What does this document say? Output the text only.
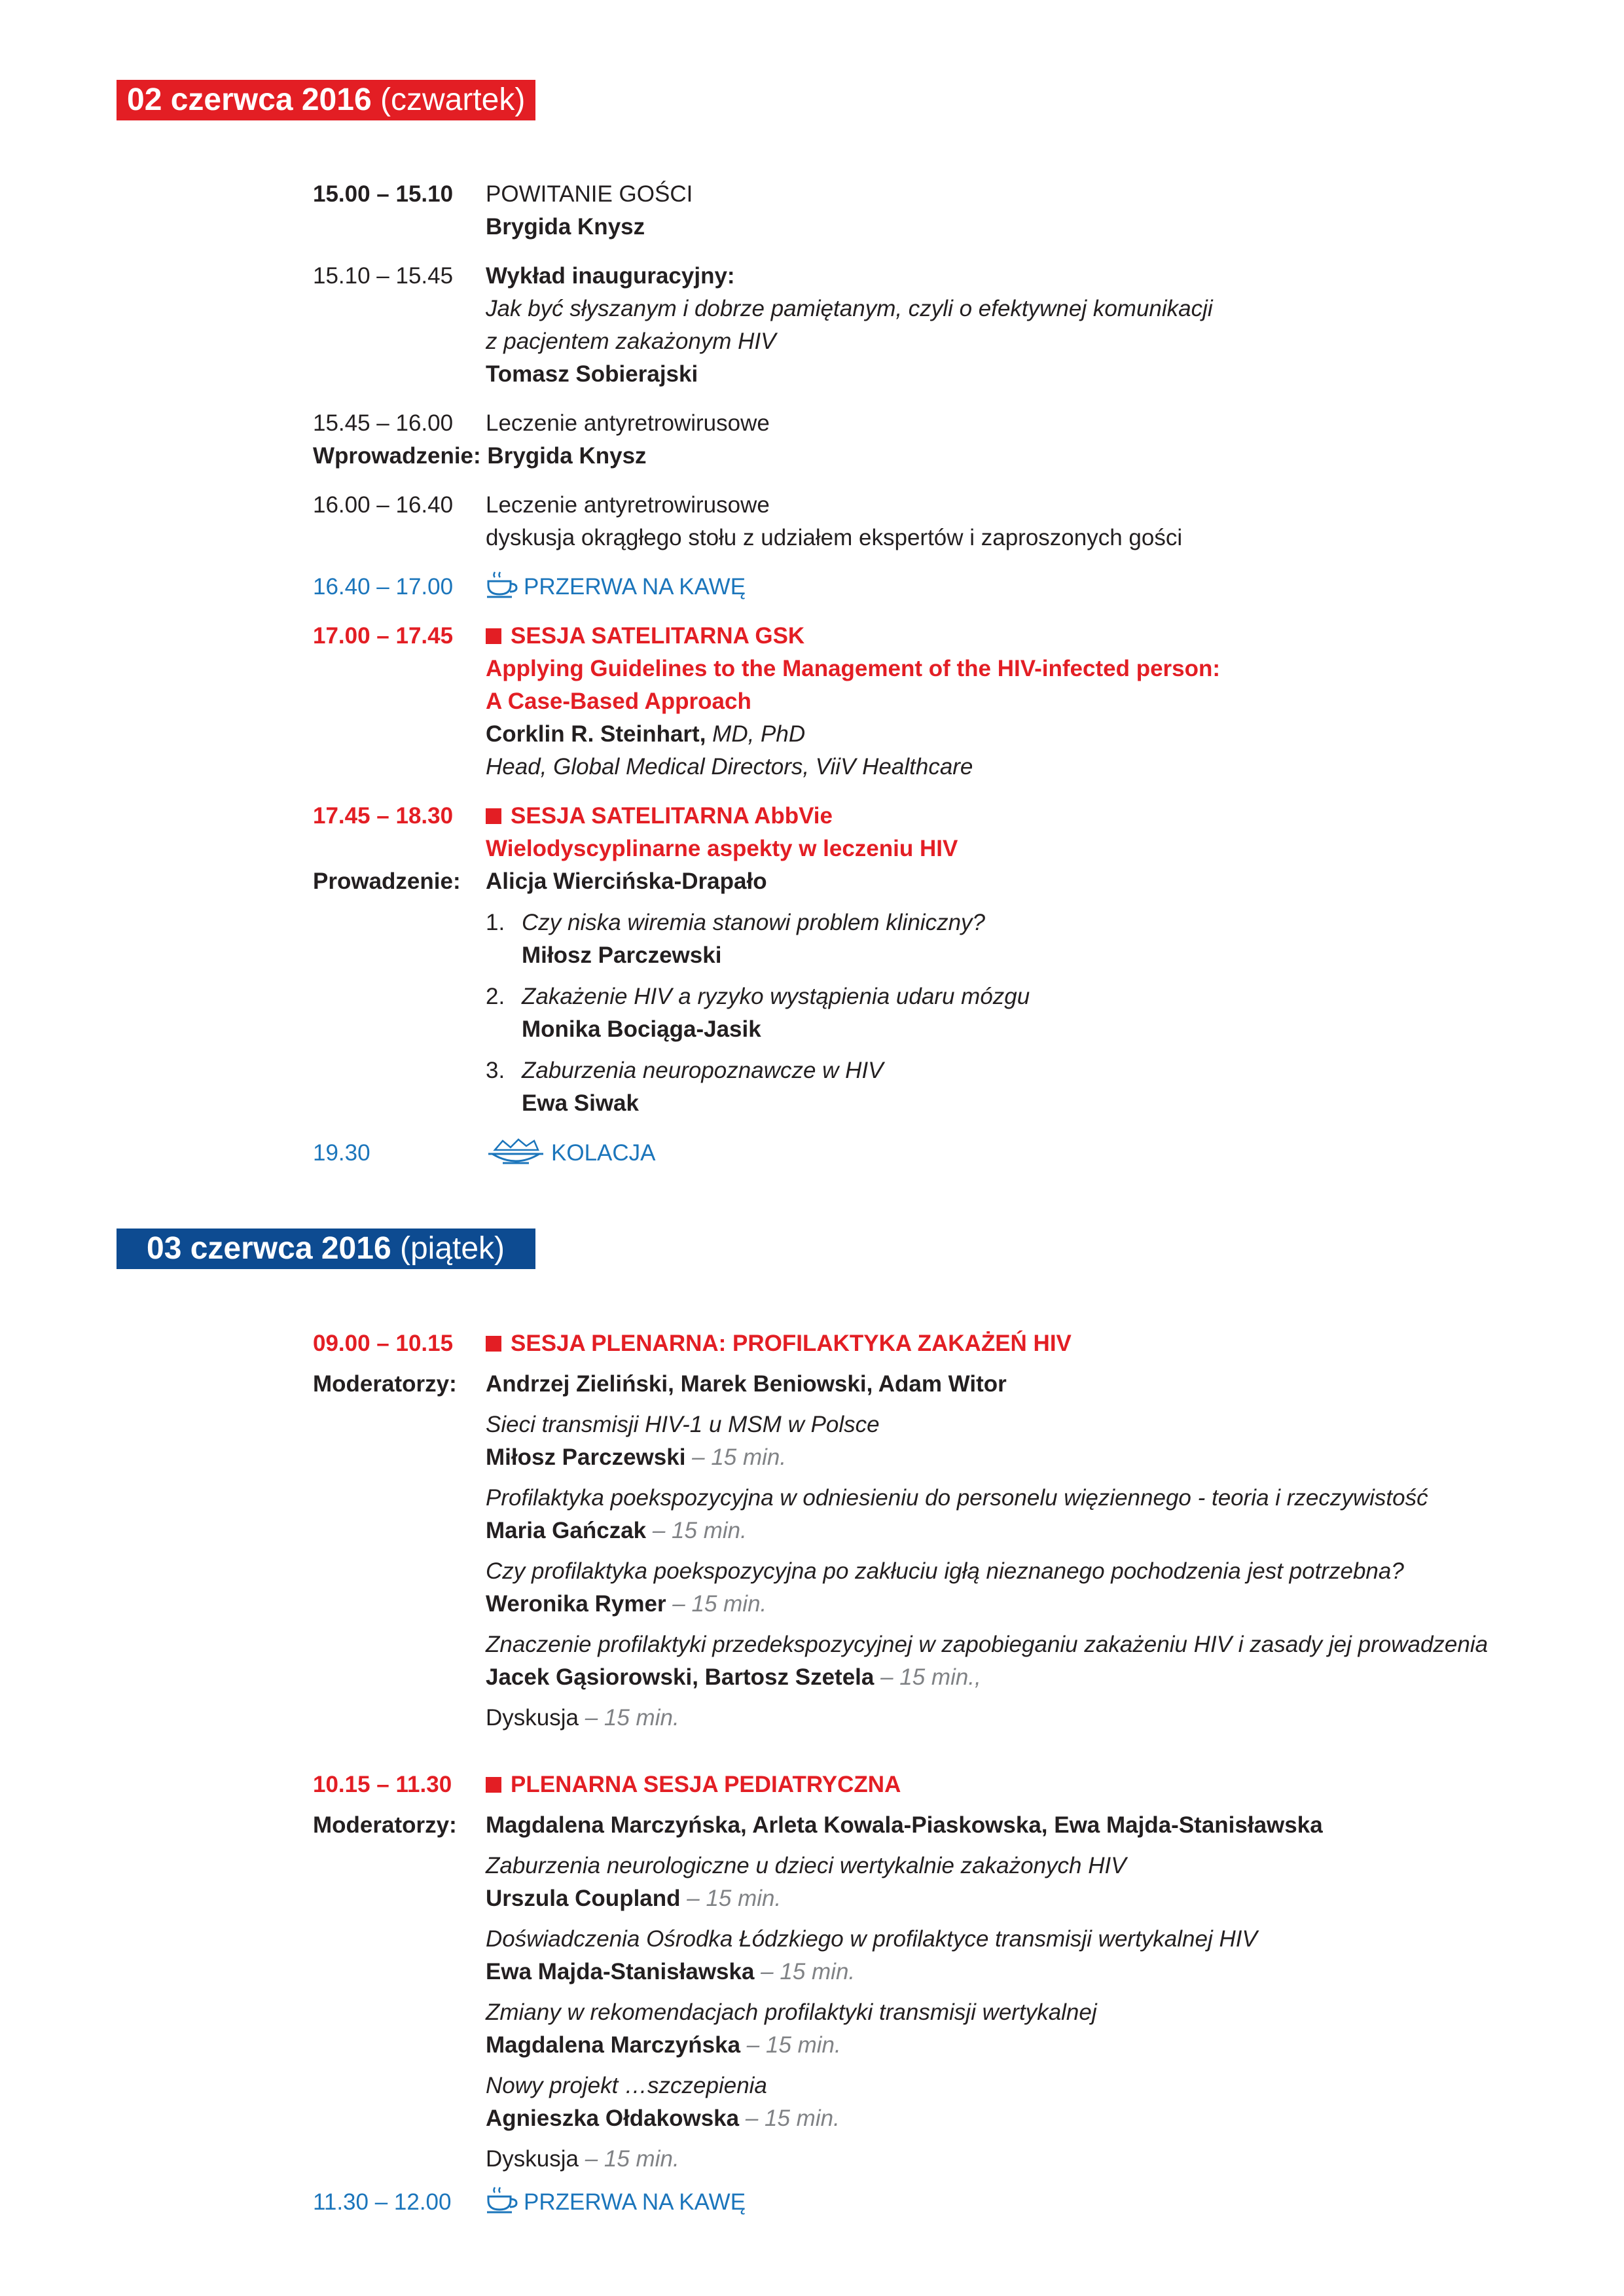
02 czerwca 2016 (czwartek)
15.00 – 15.10 POWITANIE GOŚCI
Brygida Knysz
15.10 – 15.45 Wykład inauguracyjny:
Jak być słyszanym i dobrze pamiętanym, czyli o efektywnej komunikacji
z pacjentem zakażonym HIV
Tomasz Sobierajski
15.45 – 16.00 Leczenie antyretrowirusowe
Wprowadzenie: Brygida Knysz
16.00 – 16.40 Leczenie antyretrowirusowe
dyskusja okrągłego stołu z udziałem ekspertów i zaproszonych gości
16.40 – 17.00	PRZERWA NA KAWĘ
17.00 – 17.45	SESJA SATELITARNA GSK
Applying Guidelines to the Management of the HIV-infected person:
A Case-Based Approach
Corklin R. Steinhart, MD, PhD
Head, Global Medical Directors, ViiV Healthcare
17.45 – 18.30	SESJA SATELITARNA AbbVie
Wielodyscyplinarne aspekty w leczeniu HIV
Prowadzenie: Alicja Wiercińska-Drapało
1. Czy niska wiremia stanowi problem kliniczny?
Miłosz Parczewski
2. Zakażenie HIV a ryzyko wystąpienia udaru mózgu
Monika Bociąga-Jasik
3. Zaburzenia neuropoznawcze w HIV
Ewa Siwak
19.30	KOLACJA
03 czerwca 2016 (piątek)
09.00 – 10.15	SESJA PLENARNA: PROFILAKTYKA ZAKAŻEŃ HIV
Moderatorzy: Andrzej Zieliński, Marek Beniowski, Adam Witor
Sieci transmisji HIV-1 u MSM w Polsce
Miłosz Parczewski – 15 min.
Profilaktyka poekspozycyjna w odniesieniu do personelu więziennego - teoria i rzeczywistość
Maria Gańczak – 15 min.
Czy profilaktyka poekspozycyjna po zakłuciu igłą nieznanego pochodzenia jest potrzebna?
Weronika Rymer – 15 min.
Znaczenie profilaktyki przedekspozycyjnej w zapobieganiu zakażeniu HIV i zasady jej prowadzenia
Jacek Gąsiorowski, Bartosz Szetela – 15 min.,
Dyskusja – 15 min.
10.15 – 11.30	PLENARNA SESJA PEDIATRYCZNA
Moderatorzy: Magdalena Marczyńska, Arleta Kowala-Piaskowska, Ewa Majda-Stanisławska
Zaburzenia neurologiczne u dzieci wertykalnie zakażonych HIV
Urszula Coupland – 15 min.
Doświadczenia Ośrodka Łódzkiego w profilaktyce transmisji wertykalnej HIV
Ewa Majda-Stanisławska – 15 min.
Zmiany w rekomendacjach profilaktyki transmisji wertykalnej
Magdalena Marczyńska – 15 min.
Nowy projekt …szczepienia
Agnieszka Ołdakowska – 15 min.
Dyskusja – 15 min.
11.30 – 12.00	PRZERWA NA KAWĘ
